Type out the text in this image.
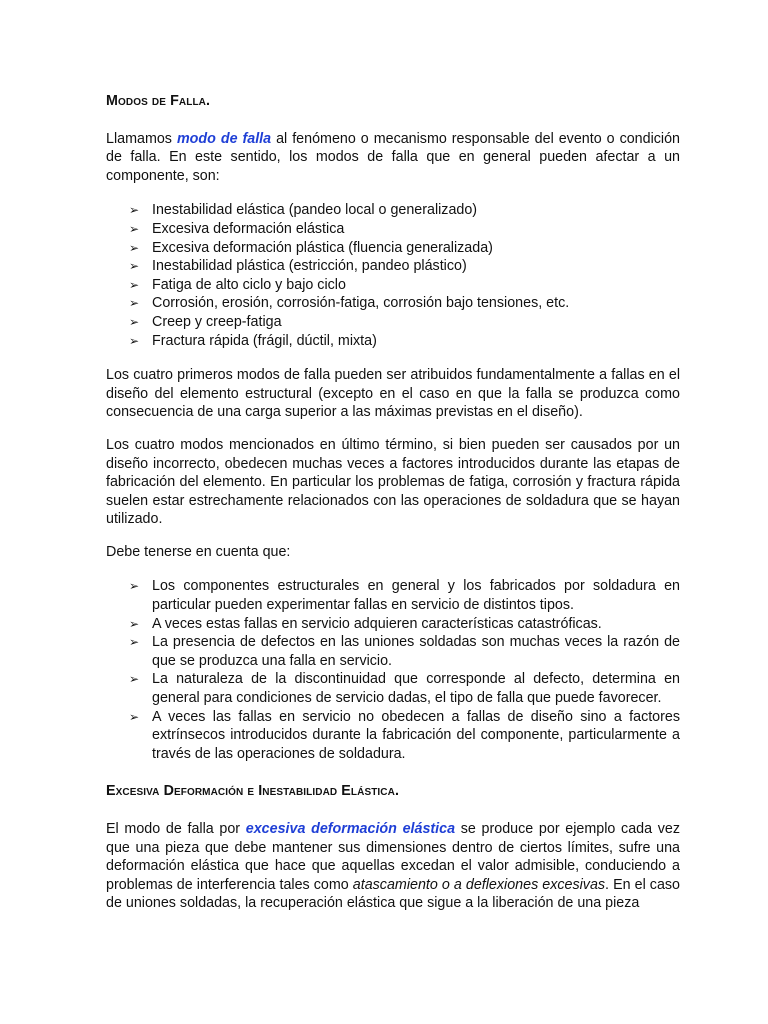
Modos de Falla.

Llamamos modo de falla al fenómeno o mecanismo responsable del evento o condición de falla. En este sentido, los modos de falla que en general pueden afectar a un componente, son:

➢ Inestabilidad elástica (pandeo local o generalizado)
➢ Excesiva deformación elástica
➢ Excesiva deformación plástica (fluencia generalizada)
➢ Inestabilidad plástica (estricción, pandeo plástico)
➢ Fatiga de alto ciclo y bajo ciclo
➢ Corrosión, erosión, corrosión-fatiga, corrosión bajo tensiones, etc.
➢ Creep y creep-fatiga
➢ Fractura rápida (frágil, dúctil, mixta)

Los cuatro primeros modos de falla pueden ser atribuidos fundamentalmente a fallas en el diseño del elemento estructural (excepto en el caso en que la falla se produzca como consecuencia de una carga superior a las máximas previstas en el diseño).

Los cuatro modos mencionados en último término, si bien pueden ser causados por un diseño incorrecto, obedecen muchas veces a factores introducidos durante las etapas de fabricación del elemento. En particular los problemas de fatiga, corrosión y fractura rápida suelen estar estrechamente relacionados con las operaciones de soldadura que se hayan utilizado.

Debe tenerse en cuenta que:

➢ Los componentes estructurales en general y los fabricados por soldadura en particular pueden experimentar fallas en servicio de distintos tipos.
➢ A veces estas fallas en servicio adquieren características catastróficas.
➢ La presencia de defectos en las uniones soldadas son muchas veces la razón de que se produzca una falla en servicio.
➢ La naturaleza de la discontinuidad que corresponde al defecto, determina en general para condiciones de servicio dadas, el tipo de falla que puede favorecer.
➢ A veces las fallas en servicio no obedecen a fallas de diseño sino a factores extrínsecos introducidos durante la fabricación del componente, particularmente a través de las operaciones de soldadura.
Excesiva Deformación e Inestabilidad Elástica.

El modo de falla por excesiva deformación elástica se produce por ejemplo cada vez que una pieza que debe mantener sus dimensiones dentro de ciertos límites, sufre una deformación elástica que hace que aquellas excedan el valor admisible, conduciendo a problemas de interferencia tales como atascamiento o a deflexiones excesivas. En el caso de uniones soldadas, la recuperación elástica que sigue a la liberación de una pieza
